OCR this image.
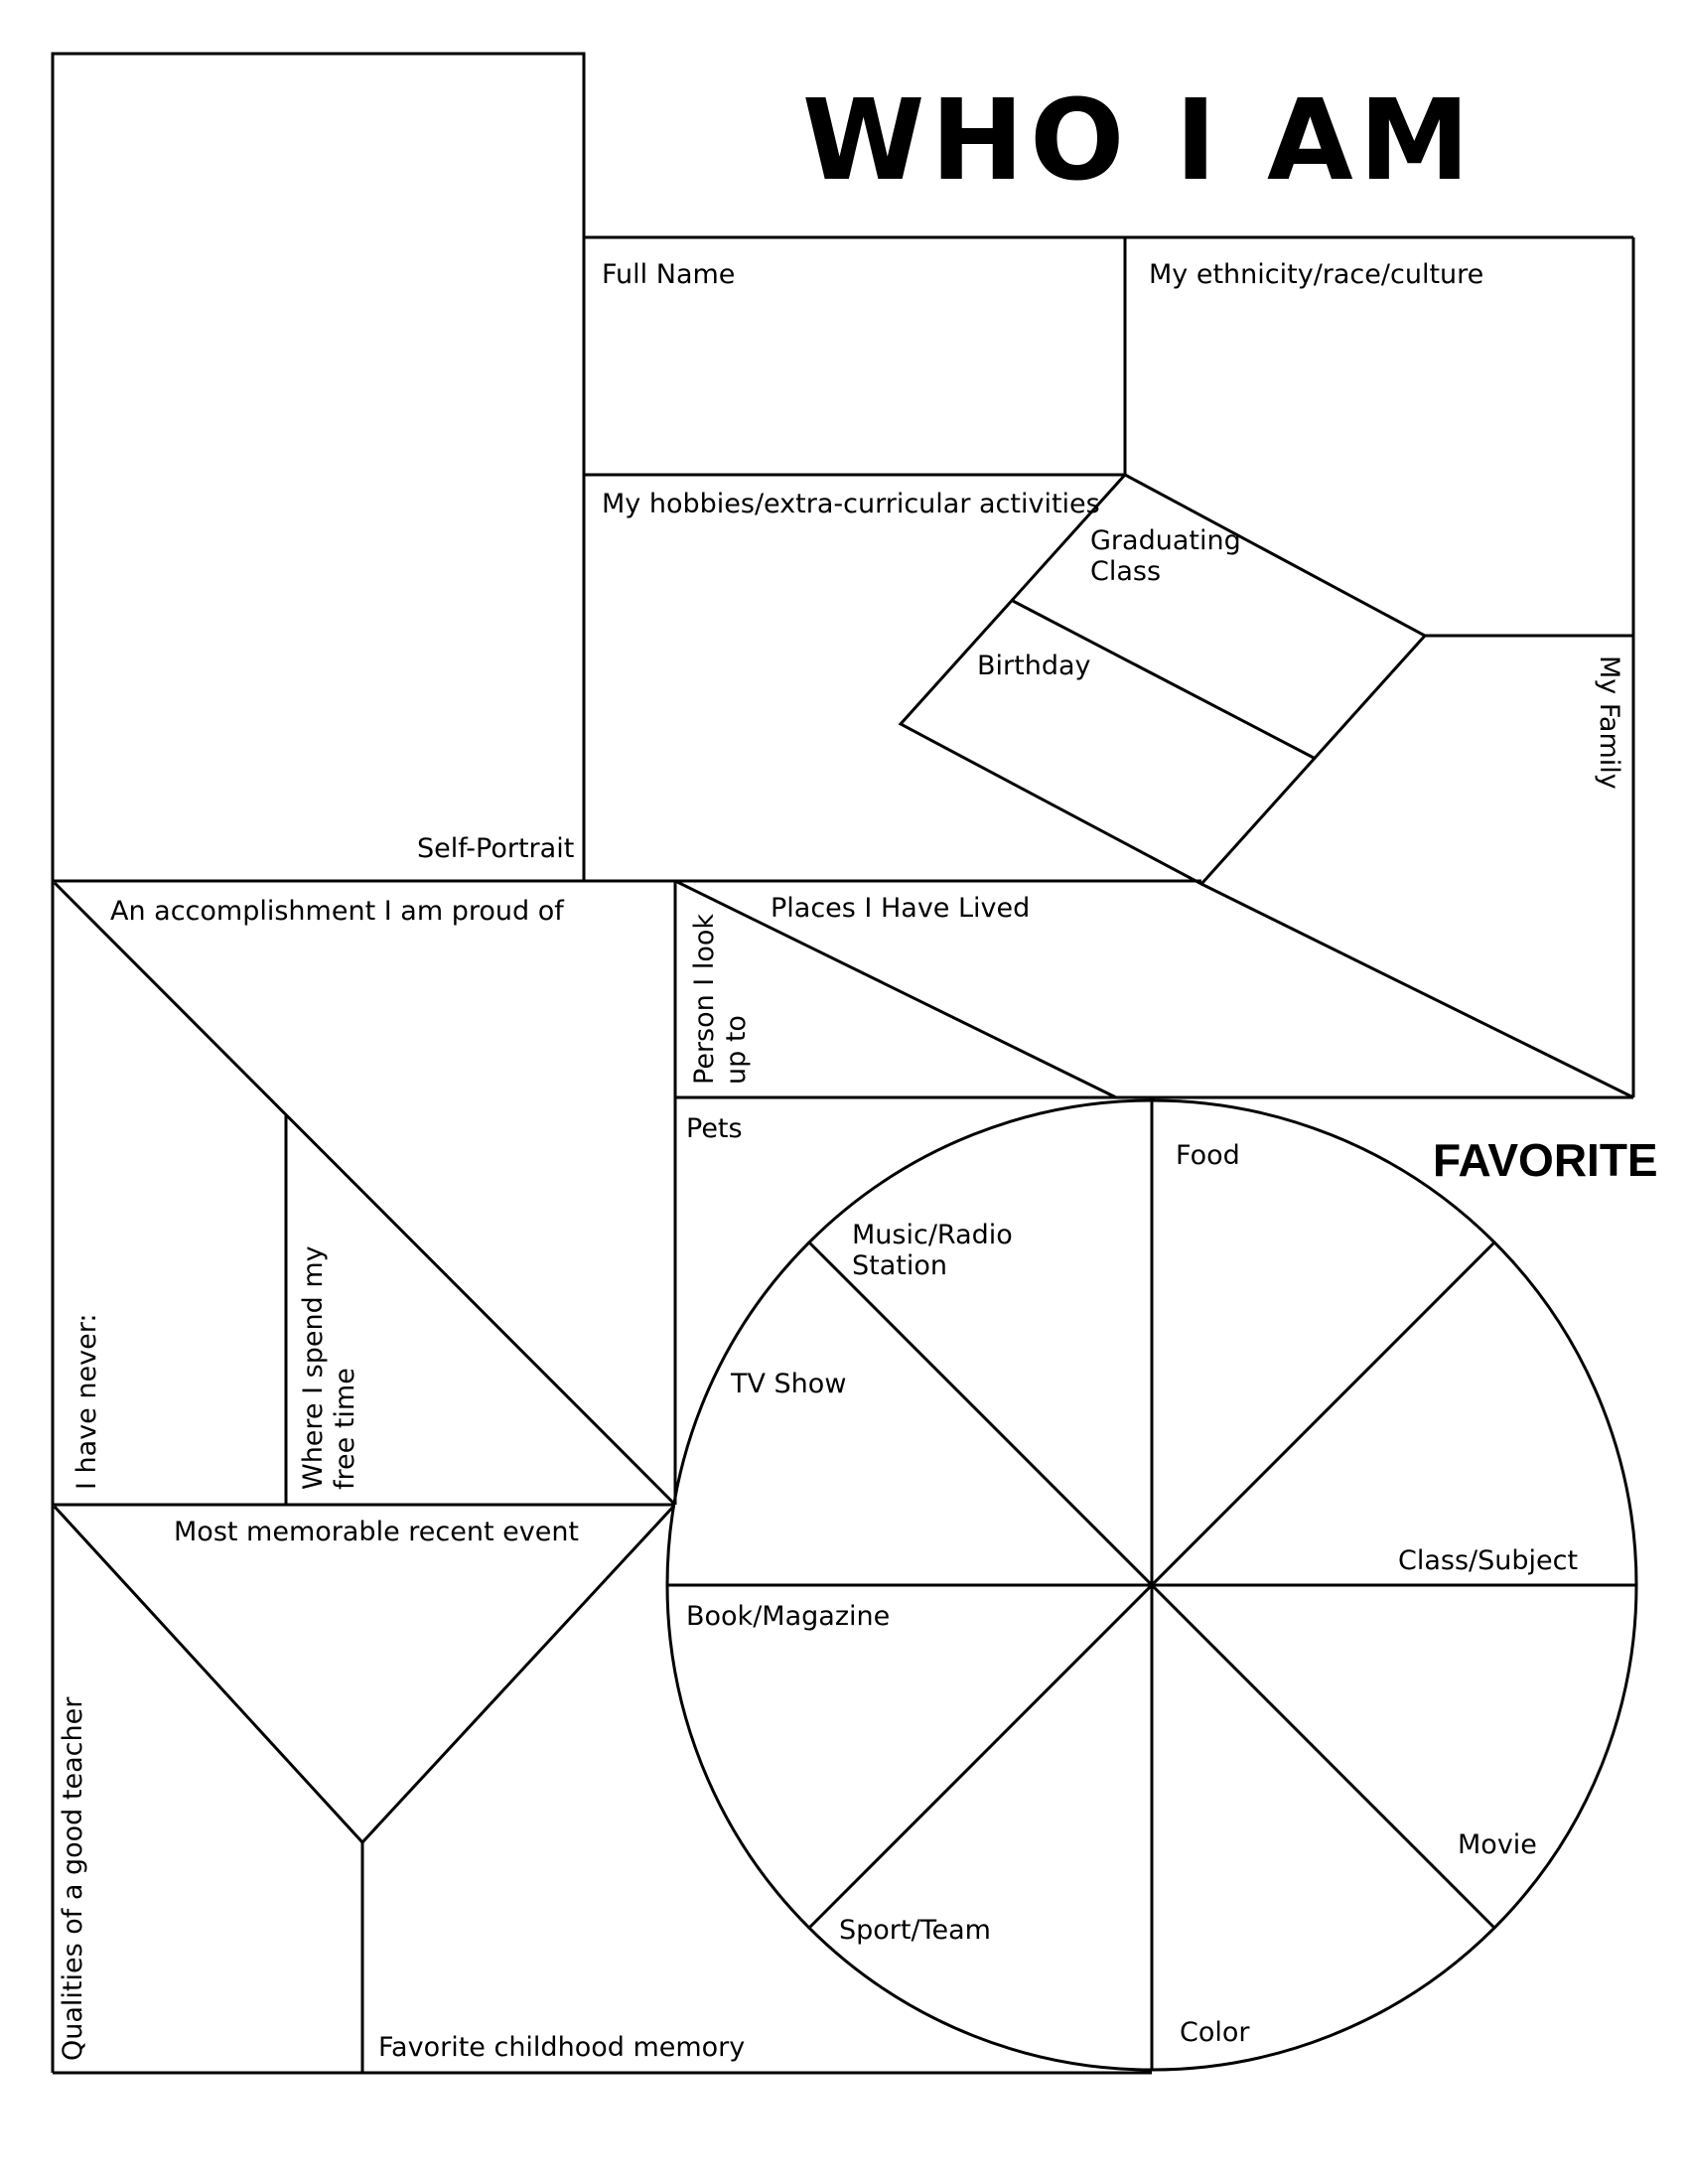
WHO I AM
Self-Portrait
My ethnicity/race/culture
My hobbies/extra-curricular activities
Graduating Class
Birthday	My Family
Places I Have Lived
Person I look up to
An accomplishment I am proud of
I have never:	Where I spend my free time
Pets
Most memorable recent event
Qualities of a good teacher	Favorite childhood memory
FAVORITE
Food
Music/Radio Station
TV Show
Class/Subject
Book/Magazine
Movie
Sport/Team
Color
